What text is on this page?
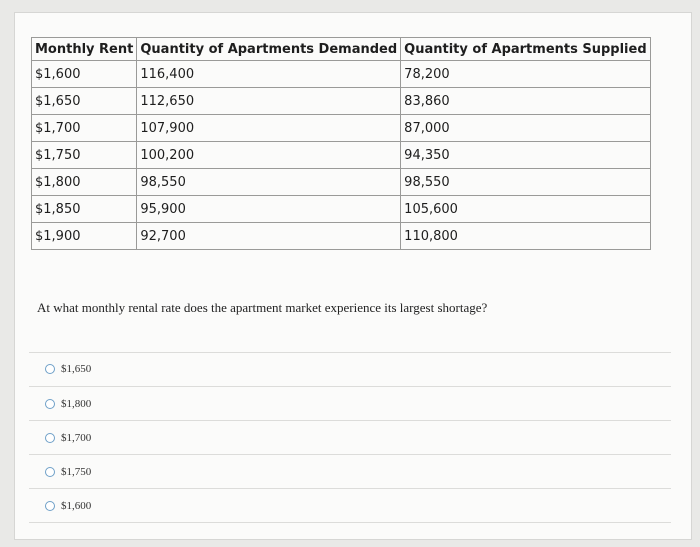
Monthly Rent	Quantity of Apartments Demanded	Quantity of Apartments Supplied
$1,600	116,400	78,200
$1,650	112,650	83,860
$1,700	107,900	87,000
$1,750	100,200	94,350
$1,800	98,550	98,550
$1,850	95,900	105,600
$1,900	92,700	110,800
At what monthly rental rate does the apartment market experience its largest shortage?
$1,650
$1,800
$1,700
$1,750
$1,600
